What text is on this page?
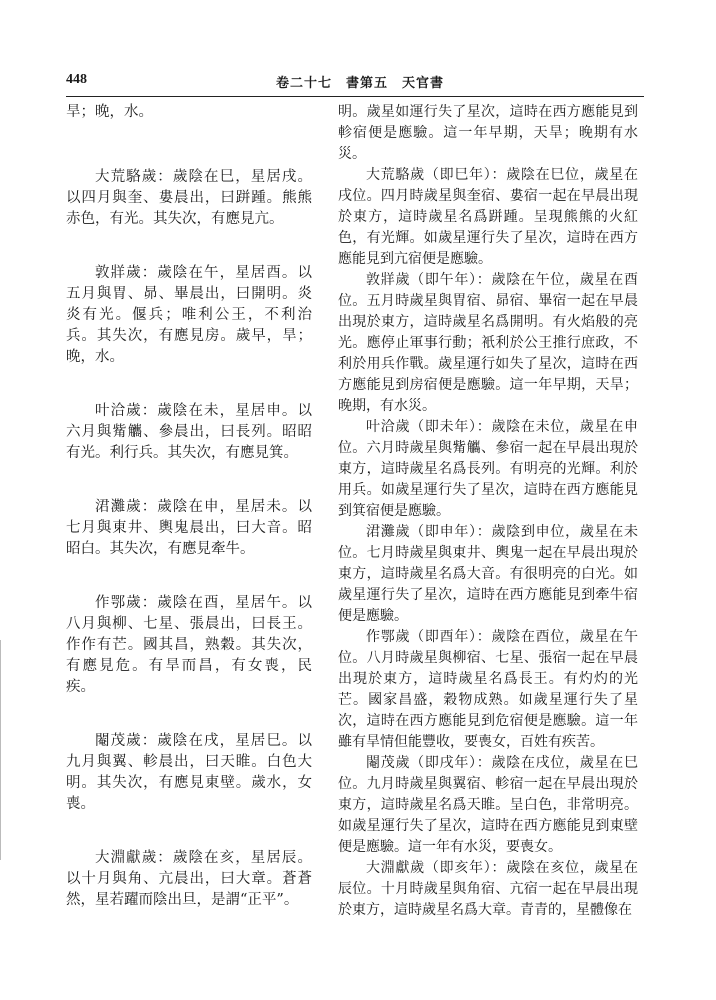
448	卷二十七　書第五　天官書

旱；晚，水。

大荒駱歲：歲陰在巳，星居戌。以四月與奎、婁晨出，曰跰踵。熊熊赤色，有光。其失次，有應見亢。

敦牂歲：歲陰在午，星居酉。以五月與胃、昴、畢晨出，曰開明。炎炎有光。偃兵；唯利公王，不利治兵。其失次，有應見房。歲早，旱；晚，水。

叶洽歲：歲陰在未，星居申。以六月與觜觿、參晨出，曰長列。昭昭有光。利行兵。其失次，有應見箕。

涒灘歲：歲陰在申，星居未。以七月與東井、輿鬼晨出，曰大音。昭昭白。其失次，有應見牽牛。

作鄂歲：歲陰在酉，星居午。以八月與柳、七星、張晨出，曰長王。作作有芒。國其昌，熟穀。其失次，有應見危。有旱而昌，有女喪，民疾。

閹茂歲：歲陰在戌，星居巳。以九月與翼、軫晨出，曰天睢。白色大明。其失次，有應見東壁。歲水，女喪。

大淵獻歲：歲陰在亥，星居辰。以十月與角、亢晨出，曰大章。蒼蒼然，星若躍而陰出旦，是謂“正平”。

明。歲星如運行失了星次，這時在西方應能見到軫宿便是應驗。這一年早期，天旱；晚期有水災。

大荒駱歲（即巳年）：歲陰在巳位，歲星在戌位。四月時歲星與奎宿、婁宿一起在早晨出現於東方，這時歲星名爲跰踵。呈現熊熊的火紅色，有光輝。如歲星運行失了星次，這時在西方應能見到亢宿便是應驗。

敦牂歲（即午年）：歲陰在午位，歲星在酉位。五月時歲星與胃宿、昴宿、畢宿一起在早晨出現於東方，這時歲星名爲開明。有火焰般的亮光。應停止軍事行動；衹利於公王推行庶政，不利於用兵作戰。歲星運行如失了星次，這時在西方應能見到房宿便是應驗。這一年早期，天旱；晚期，有水災。

叶洽歲（即未年）：歲陰在未位，歲星在申位。六月時歲星與觜觿、參宿一起在早晨出現於東方，這時歲星名爲長列。有明亮的光輝。利於用兵。如歲星運行失了星次，這時在西方應能見到箕宿便是應驗。

涒灘歲（即申年）：歲陰到申位，歲星在未位。七月時歲星與東井、輿鬼一起在早晨出現於東方，這時歲星名爲大音。有很明亮的白光。如歲星運行失了星次，這時在西方應能見到牽牛宿便是應驗。

作鄂歲（即酉年）：歲陰在酉位，歲星在午位。八月時歲星與柳宿、七星、張宿一起在早晨出現於東方，這時歲星名爲長王。有灼灼的光芒。國家昌盛，穀物成熟。如歲星運行失了星次，這時在西方應能見到危宿便是應驗。這一年雖有旱情但能豐收，要喪女，百姓有疾苦。

閹茂歲（即戌年）：歲陰在戌位，歲星在巳位。九月時歲星與翼宿、軫宿一起在早晨出現於東方，這時歲星名爲天睢。呈白色，非常明亮。如歲星運行失了星次，這時在西方應能見到東壁便是應驗。這一年有水災，要喪女。

大淵獻歲（即亥年）：歲陰在亥位，歲星在辰位。十月時歲星與角宿、亢宿一起在早晨出現於東方，這時歲星名爲大章。青青的，星體像在
